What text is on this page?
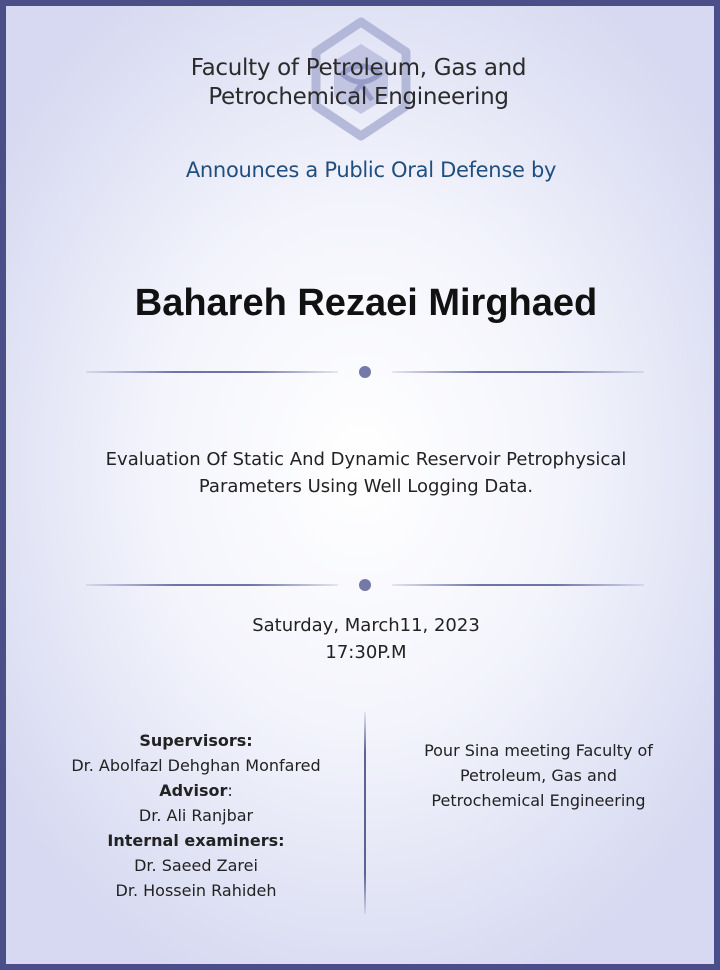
Faculty of Petroleum, Gas and
Petrochemical Engineering
Announces a Public Oral Defense by
Bahareh Rezaei Mirghaed
Evaluation Of Static And Dynamic Reservoir Petrophysical
Parameters Using Well Logging Data.
Saturday, March11, 2023
17:30P.M
Supervisors:
Dr. Abolfazl Dehghan Monfared
Advisor:
Dr. Ali Ranjbar
Internal examiners:
Dr. Saeed Zarei
Dr. Hossein Rahideh
Pour Sina meeting Faculty of
Petroleum, Gas and
Petrochemical Engineering
